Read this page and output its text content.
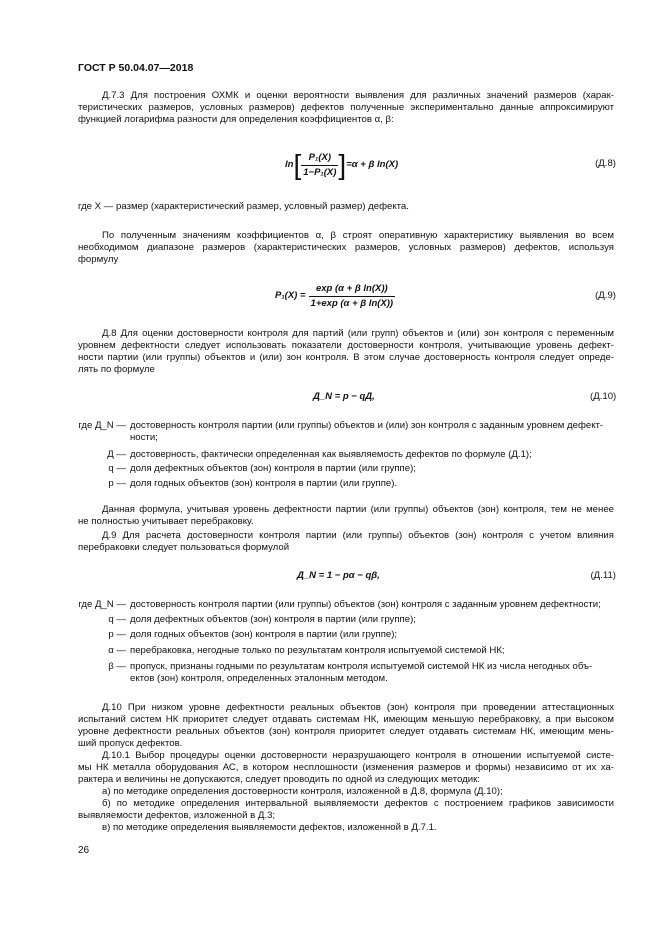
ГОСТ Р 50.04.07—2018
Д.7.3 Для построения ОХМК и оценки вероятности выявления для различных значений размеров (харак-
теристических размеров, условных размеров) дефектов полученные экспериментально данные аппроксимируют
функцией логарифма разности для определения коэффициентов α, β:
ln [ $\frac{\text{P₁(X)}}{\text{1−P₁(X)}}$ ] =α + β ln(X)	(Д.8)
где X — размер (характеристический размер, условный размер) дефекта.
По полученным значениям коэффициентов α, β строят оперативную характеристику выявления во всем
необходимом диапазоне размеров (характеристических размеров, условных размеров) дефектов, используя
формулу
$P_1(X) = \frac{\text{exp (α + β ln(X))}}{\text{1+exp (α + β ln(X))}}$	(Д.9)
Д.8 Для оценки достоверности контроля для партий (или групп) объектов и (или) зон контроля с переменным
уровнем дефектности следует использовать показатели достоверности контроля, учитывающие уровень дефект-
ности партии (или группы) объектов и (или) зон контроля. В этом случае достоверность контроля следует опреде-
лять по формуле
Д_N = p − qД,	(Д.10)
где Д_N — достоверность контроля партии (или группы) объектов и (или) зон контроля с заданным уровнем дефект-
ности;
Д — достоверность, фактически определенная как выявляемость дефектов по формуле (Д.1);
q — доля дефектных объектов (зон) контроля в партии (или группе);
p — доля годных объектов (зон) контроля в партии (или группе).
Данная формула, учитывая уровень дефектности партии (или группы) объектов (зон) контроля, тем не менее
не полностью учитывает перебраковку.
Д.9 Для расчета достоверности контроля партии (или группы) объектов (зон) контроля с учетом влияния
перебраковки следует пользоваться формулой
Д_N = 1 − pα − qβ,	(Д.11)
где Д_N — достоверность контроля партии (или группы) объектов (зон) контроля с заданным уровнем дефектности;
q — доля дефектных объектов (зон) контроля в партии (или группе);
p — доля годных объектов (зон) контроля в партии (или группе);
α — перебраковка, негодные только по результатам контроля испытуемой системой НК;
β — пропуск, признаны годными по результатам контроля испытуемой системой НК из числа негодных объ-
ектов (зон) контроля, определенных эталонным методом.
Д.10 При низком уровне дефектности реальных объектов (зон) контроля при проведении аттестационных
испытаний систем НК приоритет следует отдавать системам НК, имеющим меньшую перебраковку, а при высоком
уровне дефектности реальных объектов (зон) контроля приоритет следует отдавать системам НК, имеющим мень-
ший пропуск дефектов.
Д.10.1 Выбор процедуры оценки достоверности неразрушающего контроля в отношении испытуемой систе-
мы НК металла оборудования АС, в котором несплошности (изменения размеров и формы) независимо от их ха-
рактера и величины не допускаются, следует проводить по одной из следующих методик:
а) по методике определения достоверности контроля, изложенной в Д.8, формула (Д.10);
б) по методике определения интервальной выявляемости дефектов с построением графиков зависимости
выявляемости дефектов, изложенной в Д.3;
в) по методике определения выявляемости дефектов, изложенной в Д.7.1.
26
